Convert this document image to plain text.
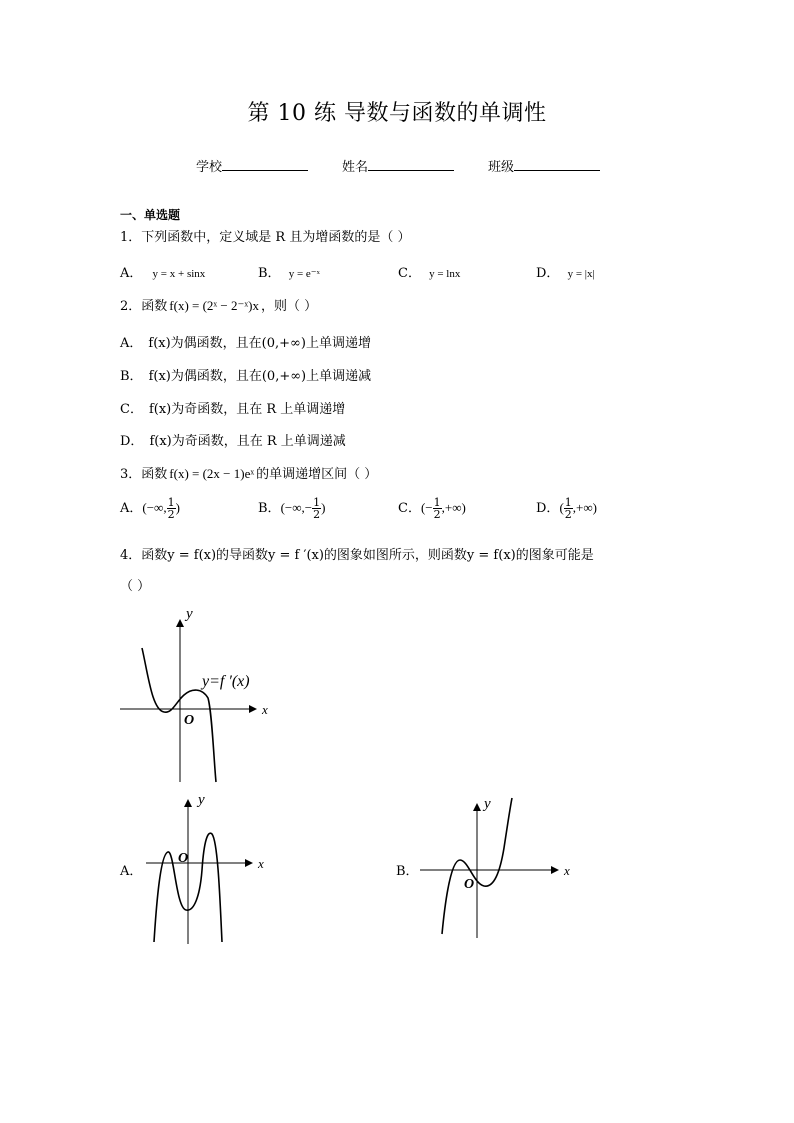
第 10 练 导数与函数的单调性
学校	姓名	班级
一、单选题
1．下列函数中，定义域是 R 且为增函数的是（ ）
A． y = x + sinx	B． y = e⁻ˣ	C． y = lnx	D． y = |x|
2．函数 f(x) = (2ˣ − 2⁻ˣ)x ，则（ ）
A． f(x)为偶函数，且在(0,+∞)上单调递增
B． f(x)为偶函数，且在(0,+∞)上单调递减
C． f(x)为奇函数，且在 R 上单调递增
D． f(x)为奇函数，且在 R 上单调递减
3．函数 f(x) = (2x − 1)eˣ 的单调递增区间（ ）
A．(−∞, $\frac{1}{2}$ )	B．(−∞,− $\frac{1}{2}$ )	C．(− $\frac{1}{2}$ ,+∞)	D．( $\frac{1}{2}$ ,+∞)
4．函数y = f(x)的导函数y = f ′(x)的图象如图所示，则函数y = f(x)的图象可能是
（ ）
y
x
O
y=f ′(x)
A．
y
x
O
B．
y
x
O
